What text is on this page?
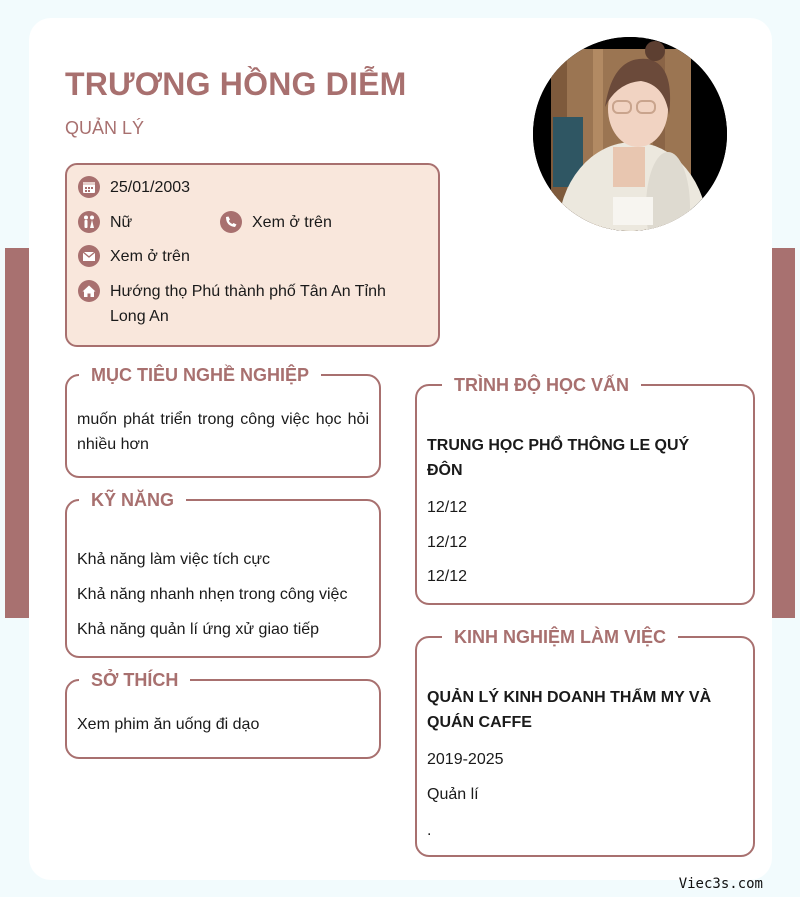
TRƯƠNG HỒNG DIỄM
QUẢN LÝ
25/01/2003
Nữ	Xem ở trên
Xem ở trên
Hướng thọ Phú thành phố Tân An Tỉnh
Long An
MỤC TIÊU NGHỀ NGHIỆP
muốn phát triển trong công việc học hỏi nhiều hơn
KỸ NĂNG
Khả năng làm việc tích cực
Khả năng nhanh nhẹn trong công việc
Khả năng quản lí ứng xử giao tiếp
SỞ THÍCH
Xem phim ăn uống đi dạo
TRÌNH ĐỘ HỌC VẤN
TRUNG HỌC PHỔ THÔNG LE QUÝ
ĐÔN
12/12
12/12
12/12
KINH NGHIỆM LÀM VIỆC
QUẢN LÝ KINH DOANH THẨM MY VÀ
QUÁN CAFFE
2019-2025
Quản lí
.
Viec3s.com
